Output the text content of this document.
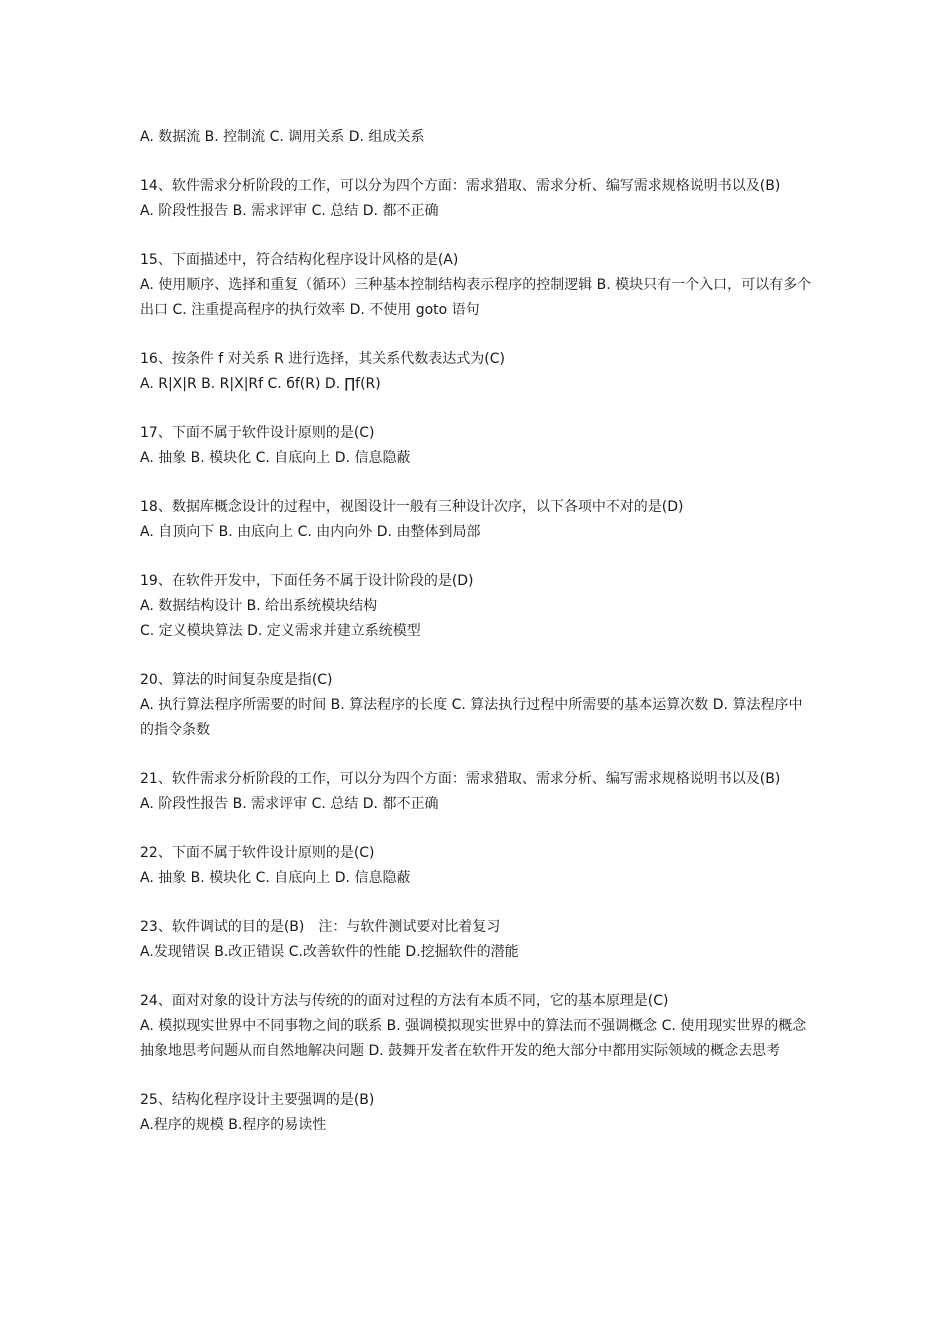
A. 数据流 B. 控制流 C. 调用关系 D. 组成关系
14、软件需求分析阶段的工作，可以分为四个方面：需求猎取、需求分析、编写需求规格说明书以及(B)
A. 阶段性报告 B. 需求评审 C. 总结 D. 都不正确
15、下面描述中，符合结构化程序设计风格的是(A)
A. 使用顺序、选择和重复（循环）三种基本控制结构表示程序的控制逻辑 B. 模块只有一个入口，可以有多个出口 C. 注重提高程序的执行效率 D. 不使用 goto 语句
16、按条件 f 对关系 R 进行选择，其关系代数表达式为(C)
A. R|X|R B. R|X|Rf C. бf(R) D. ∏f(R)
17、下面不属于软件设计原则的是(C)
A. 抽象 B. 模块化 C. 自底向上 D. 信息隐蔽
18、数据库概念设计的过程中，视图设计一般有三种设计次序，以下各项中不对的是(D)
A. 自顶向下 B. 由底向上 C. 由内向外 D. 由整体到局部
19、在软件开发中，下面任务不属于设计阶段的是(D)
A. 数据结构设计 B. 给出系统模块结构
C. 定义模块算法 D. 定义需求并建立系统模型
20、算法的时间复杂度是指(C)
A. 执行算法程序所需要的时间 B. 算法程序的长度 C. 算法执行过程中所需要的基本运算次数 D. 算法程序中的指令条数
21、软件需求分析阶段的工作，可以分为四个方面：需求猎取、需求分析、编写需求规格说明书以及(B)
A. 阶段性报告 B. 需求评审 C. 总结 D. 都不正确
22、下面不属于软件设计原则的是(C)
A. 抽象 B. 模块化 C. 自底向上 D. 信息隐蔽
23、软件调试的目的是(B)　注：与软件测试要对比着复习
A.发现错误 B.改正错误 C.改善软件的性能 D.挖掘软件的潜能
24、面对对象的设计方法与传统的的面对过程的方法有本质不同，它的基本原理是(C)
A. 模拟现实世界中不同事物之间的联系 B. 强调模拟现实世界中的算法而不强调概念 C. 使用现实世界的概念抽象地思考问题从而自然地解决问题 D. 鼓舞开发者在软件开发的绝大部分中都用实际领域的概念去思考
25、结构化程序设计主要强调的是(B)
A.程序的规模 B.程序的易读性
